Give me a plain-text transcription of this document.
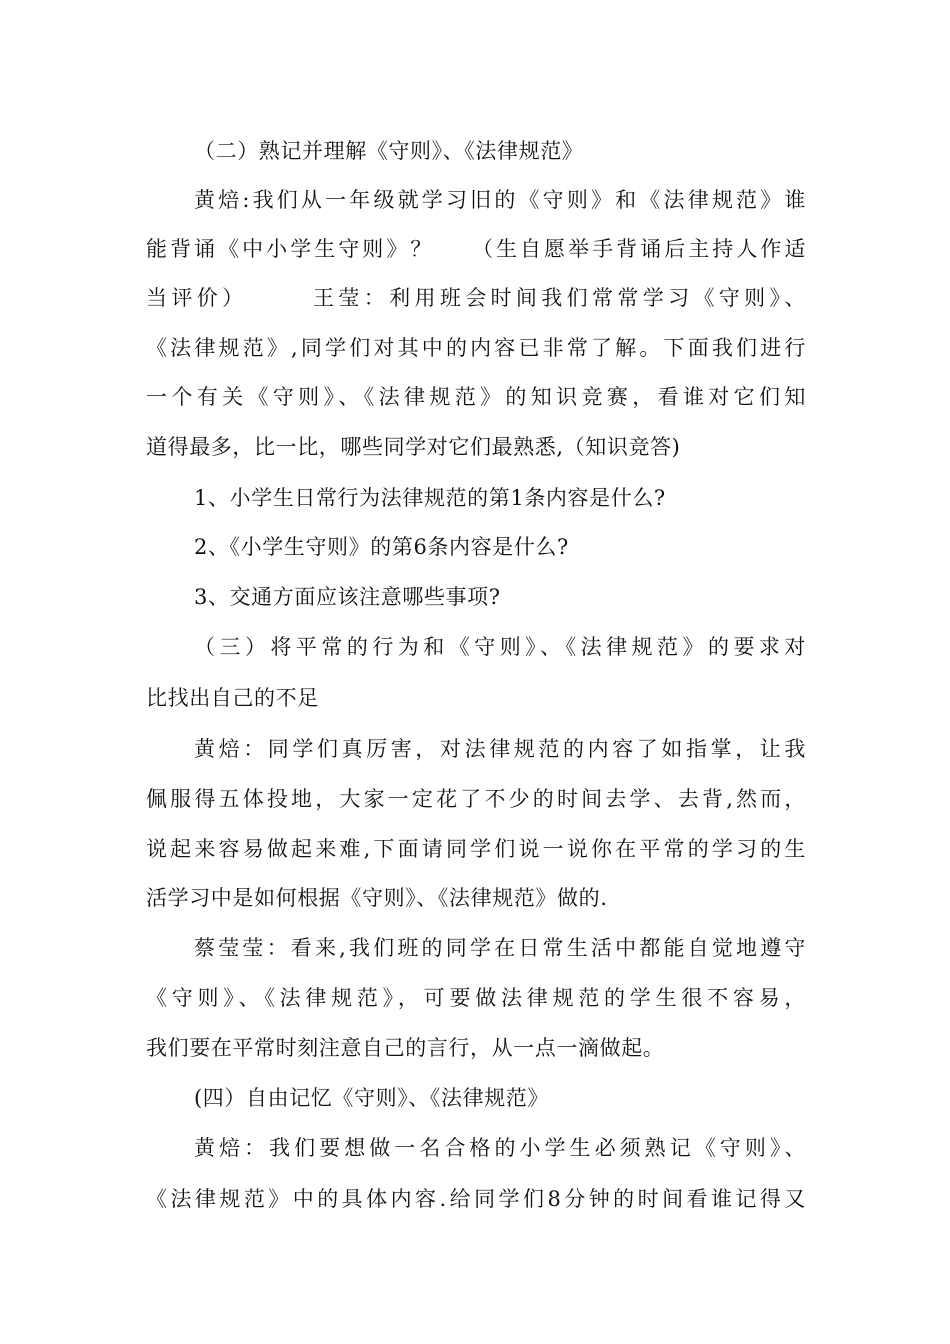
（二）熟记并理解《守则》、《法律规范》
黄焙:我们从一年级就学习旧的《守则》和《法律规范》谁
能背诵《中小学生守则》？　　（生自愿举手背诵后主持人作适
当评价）　　　王莹：利用班会时间我们常常学习《守则》、
《法律规范》,同学们对其中的内容已非常了解。下面我们进行
一个有关《守则》、《法律规范》的知识竞赛，看谁对它们知
道得最多，比一比，哪些同学对它们最熟悉,（知识竞答)
1、小学生日常行为法律规范的第1条内容是什么?
2、《小学生守则》的第6条内容是什么?
3、交通方面应该注意哪些事项?
（三）将平常的行为和《守则》、《法律规范》的要求对
比找出自己的不足
黄焙：同学们真厉害，对法律规范的内容了如指掌，让我
佩服得五体投地，大家一定花了不少的时间去学、去背,然而，
说起来容易做起来难,下面请同学们说一说你在平常的学习的生
活学习中是如何根据《守则》、《法律规范》做的.
蔡莹莹：看来,我们班的同学在日常生活中都能自觉地遵守
《守则》、《法律规范》，可要做法律规范的学生很不容易，
我们要在平常时刻注意自己的言行，从一点一滴做起。
(四）自由记忆《守则》、《法律规范》
黄焙：我们要想做一名合格的小学生必须熟记《守则》、
《法律规范》中的具体内容.给同学们8分钟的时间看谁记得又
